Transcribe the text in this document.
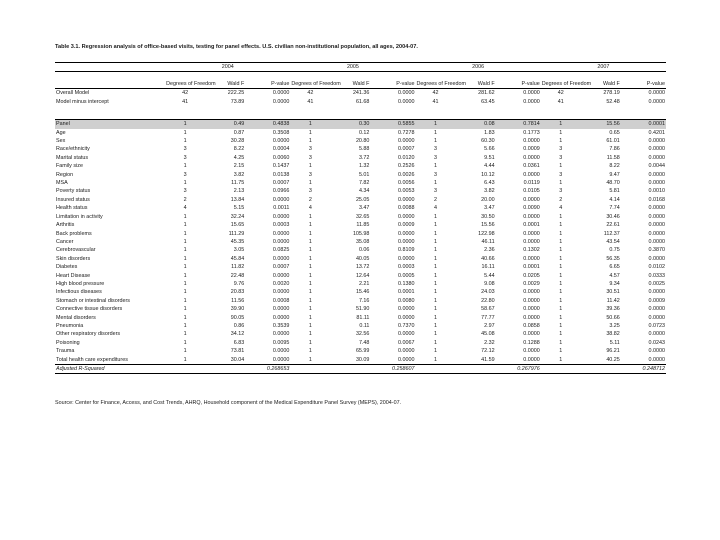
Table 3.1. Regression analysis of office-based visits, testing for panel effects. U.S. civilian non-institutional population, all ages, 2004-07.
	2004			2005			2006			2007		
	Degrees of Freedom	Wald F	P-value	Degrees of Freedom	Wald F	P-value	Degrees of Freedom	Wald F	P-value	Degrees of Freedom	Wald F	P-value
Overall Model	42	222.25	0.0000	42	241.36	0.0000	42	281.62	0.0000	42	278.19	0.0000
Model minus intercept	41	73.89	0.0000	41	61.68	0.0000	41	63.45	0.0000	41	52.48	0.0000

Panel	1	0.49	0.4838	1	0.30	0.5855	1	0.08	0.7814	1	15.56	0.0001
Age	1	0.87	0.3508	1	0.12	0.7278	1	1.83	0.1773	1	0.65	0.4201
Sex	1	30.28	0.0000	1	20.80	0.0000	1	60.30	0.0000	1	61.01	0.0000
Race/ethnicity	3	8.22	0.0004	3	5.88	0.0007	3	5.66	0.0009	3	7.86	0.0000
Marital status	3	4.25	0.0060	3	3.72	0.0120	3	9.51	0.0000	3	11.58	0.0000
Family size	1	2.15	0.1437	1	1.32	0.2526	1	4.44	0.0361	1	8.22	0.0044
Region	3	3.82	0.0138	3	5.01	0.0026	3	10.12	0.0000	3	9.47	0.0000
MSA	1	11.75	0.0007	1	7.82	0.0056	1	6.43	0.0119	1	48.70	0.0000
Poverty status	3	2.13	0.0966	3	4.34	0.0053	3	3.82	0.0105	3	5.81	0.0010
Insured status	2	13.84	0.0000	2	25.05	0.0000	2	20.00	0.0000	2	4.14	0.0168
Health status	4	5.15	0.0011	4	3.47	0.0088	4	3.47	0.0090	4	7.74	0.0000
Limitation in activity	1	32.24	0.0000	1	32.65	0.0000	1	30.50	0.0000	1	30.46	0.0000
Arthritis	1	15.65	0.0003	1	11.85	0.0009	1	15.56	0.0001	1	22.61	0.0000
Back problems	1	111.29	0.0000	1	105.98	0.0000	1	122.98	0.0000	1	112.37	0.0000
Cancer	1	45.35	0.0000	1	35.08	0.0000	1	46.11	0.0000	1	43.54	0.0000
Cerebrovascular	1	3.05	0.0825	1	0.06	0.8109	1	2.36	0.1302	1	0.75	0.3870
Skin disorders	1	45.84	0.0000	1	40.05	0.0000	1	40.66	0.0000	1	56.35	0.0000
Diabetes	1	11.82	0.0007	1	13.72	0.0003	1	16.11	0.0001	1	6.65	0.0102
Heart Disease	1	22.48	0.0000	1	12.64	0.0005	1	5.44	0.0205	1	4.57	0.0333
High blood pressure	1	9.76	0.0020	1	2.21	0.1380	1	9.08	0.0029	1	9.34	0.0025
Infectious diseases	1	20.83	0.0000	1	15.46	0.0001	1	24.03	0.0000	1	30.51	0.0000
Stomach or intestinal disorders	1	11.56	0.0008	1	7.16	0.0080	1	22.80	0.0000	1	11.42	0.0009
Connective tissue disorders	1	39.90	0.0000	1	51.90	0.0000	1	58.67	0.0000	1	39.36	0.0000
Mental disorders	1	90.05	0.0000	1	81.11	0.0000	1	77.77	0.0000	1	50.66	0.0000
Pneumonia	1	0.86	0.3539	1	0.11	0.7370	1	2.97	0.0858	1	3.25	0.0723
Other respiratory disorders	1	34.12	0.0000	1	32.56	0.0000	1	45.08	0.0000	1	38.82	0.0000
Poisoning	1	6.83	0.0095	1	7.48	0.0067	1	2.32	0.1288	1	5.11	0.0243
Trauma	1	73.81	0.0000	1	65.99	0.0000	1	72.12	0.0000	1	96.21	0.0000
Total health care expenditures	1	30.04	0.0000	1	30.09	0.0000	1	41.59	0.0000	1	40.25	0.0000
Adjusted R-Squared	0.268653			0.258607			0.267976			0.248712		
Source: Center for Finance, Access, and Cost Trends, AHRQ, Household component of the Medical Expenditure Panel Survey (MEPS), 2004-07.
